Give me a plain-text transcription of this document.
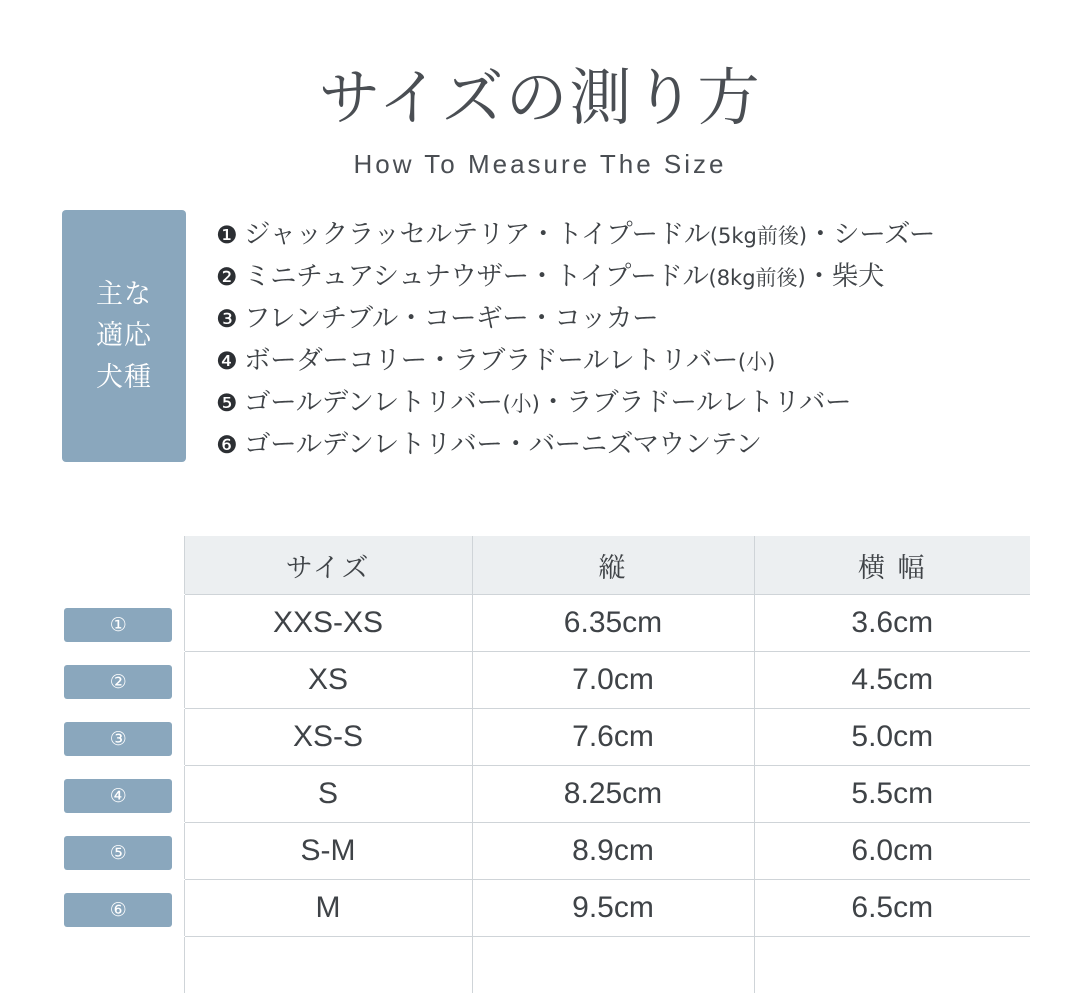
サイズの測り方
How To Measure The Size
主な
適応
犬種
❶ ジャックラッセルテリア・トイプードル (5kg前後) ・シーズー
❷ ミニチュアシュナウザー・トイプードル (8kg前後) ・柴犬
❸ フレンチブル・コーギー・コッカー
❹ ボーダーコリー・ラブラドールレトリバー (小)
❺ ゴールデンレトリバー (小) ・ラブラドールレトリバー
❻ ゴールデンレトリバー・バーニズマウンテン
	サイズ	縦	横 幅
①	XXS-XS	6.35cm	3.6cm
②	XS	7.0cm	4.5cm
③	XS-S	7.6cm	5.0cm
④	S	8.25cm	5.5cm
⑤	S-M	8.9cm	6.0cm
⑥	M	9.5cm	6.5cm
